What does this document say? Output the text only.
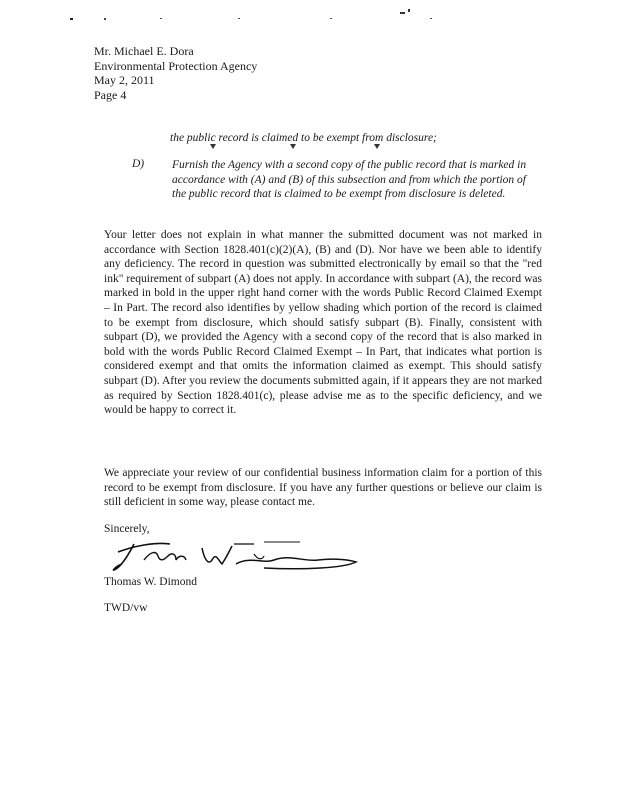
Mr. Michael E. Dora
Environmental Protection Agency
May 2, 2011
Page 4
the public record is claimed to be exempt from disclosure;
D) Furnish the Agency with a second copy of the public record that is marked in accordance with (A) and (B) of this subsection and from which the portion of the public record that is claimed to be exempt from disclosure is deleted.
Your letter does not explain in what manner the submitted document was not marked in accordance with Section 1828.401(c)(2)(A), (B) and (D). Nor have we been able to identify any deficiency. The record in question was submitted electronically by email so that the "red ink" requirement of subpart (A) does not apply. In accordance with subpart (A), the record was marked in bold in the upper right hand corner with the words Public Record Claimed Exempt – In Part. The record also identifies by yellow shading which portion of the record is claimed to be exempt from disclosure, which should satisfy subpart (B). Finally, consistent with subpart (D), we provided the Agency with a second copy of the record that is also marked in bold with the words Public Record Claimed Exempt – In Part, that indicates what portion is considered exempt and that omits the information claimed as exempt. This should satisfy subpart (D). After you review the documents submitted again, if it appears they are not marked as required by Section 1828.401(c), please advise me as to the specific deficiency, and we would be happy to correct it.
We appreciate your review of our confidential business information claim for a portion of this record to be exempt from disclosure. If you have any further questions or believe our claim is still deficient in some way, please contact me.
Sincerely,
Thomas W. Dimond
TWD/vw
